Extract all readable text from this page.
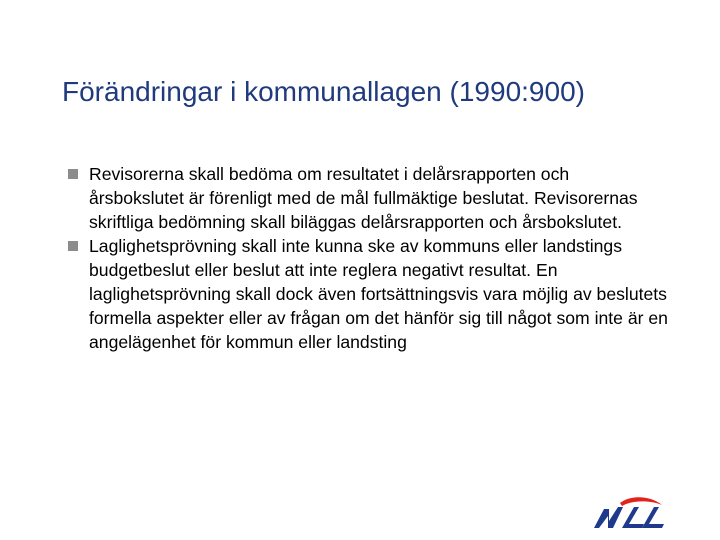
Förändringar i kommunallagen (1990:900)
Revisorerna skall bedöma om resultatet i delårsrapporten och årsbokslutet är förenligt med de mål fullmäktige beslutat. Revisorernas skriftliga bedömning skall biläggas delårsrapporten och årsbokslutet.
Laglighetsprövning skall inte kunna ske av kommuns eller landstings budgetbeslut eller beslut att inte reglera negativt resultat. En laglighetsprövning skall dock även fortsättningsvis vara möjlig av beslutets formella aspekter eller av frågan om det hänför sig till något som inte är en angelägenhet för kommun eller landsting
